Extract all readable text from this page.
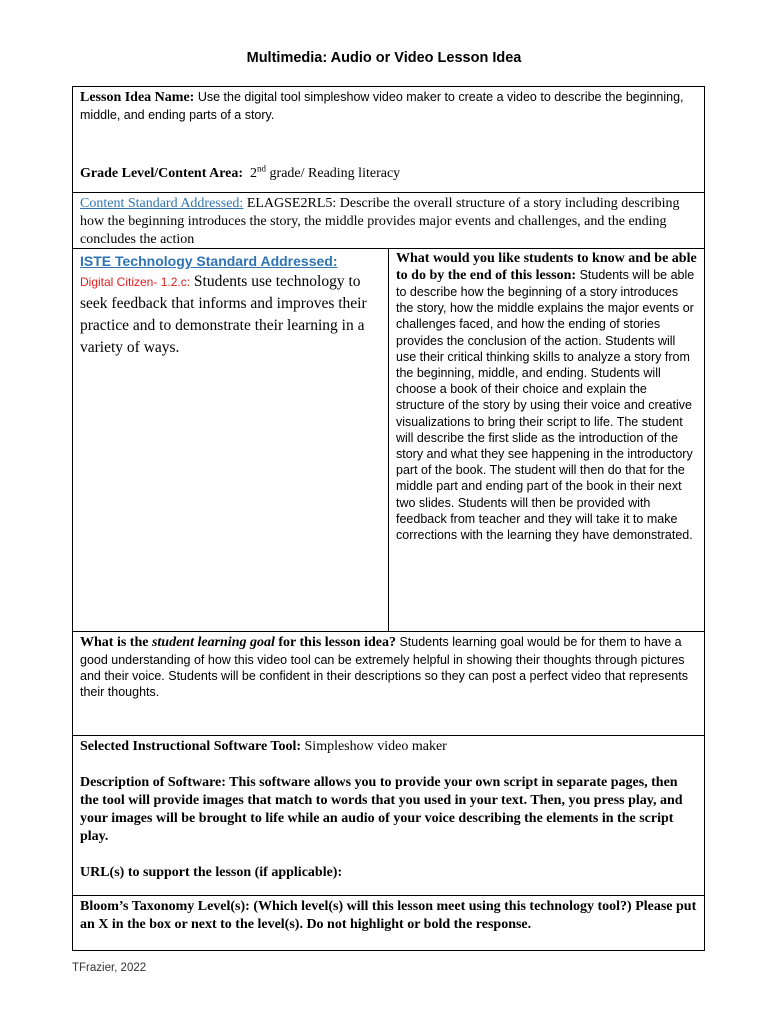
Multimedia: Audio or Video Lesson Idea
Lesson Idea Name: Use the digital tool simpleshow video maker to create a video to describe the beginning, middle, and ending parts of a story.
Grade Level/Content Area: 2nd grade/ Reading literacy
Content Standard Addressed: ELAGSE2RL5: Describe the overall structure of a story including describing how the beginning introduces the story, the middle provides major events and challenges, and the ending concludes the action
ISTE Technology Standard Addressed:
Digital Citizen- 1.2.c: Students use technology to seek feedback that informs and improves their practice and to demonstrate their learning in a variety of ways.
What would you like students to know and be able to do by the end of this lesson: Students will be able to describe how the beginning of a story introduces the story, how the middle explains the major events or challenges faced, and how the ending of stories provides the conclusion of the action. Students will use their critical thinking skills to analyze a story from the beginning, middle, and ending. Students will choose a book of their choice and explain the structure of the story by using their voice and creative visualizations to bring their script to life. The student will describe the first slide as the introduction of the story and what they see happening in the introductory part of the book. The student will then do that for the middle part and ending part of the book in their next two slides. Students will then be provided with feedback from teacher and they will take it to make corrections with the learning they have demonstrated.
What is the student learning goal for this lesson idea? Students learning goal would be for them to have a good understanding of how this video tool can be extremely helpful in showing their thoughts through pictures and their voice. Students will be confident in their descriptions so they can post a perfect video that represents their thoughts.
Selected Instructional Software Tool: Simpleshow video maker
Description of Software: This software allows you to provide your own script in separate pages, then the tool will provide images that match to words that you used in your text. Then, you press play, and your images will be brought to life while an audio of your voice describing the elements in the script play.
URL(s) to support the lesson (if applicable):
Bloom’s Taxonomy Level(s): (Which level(s) will this lesson meet using this technology tool?) Please put an X in the box or next to the level(s). Do not highlight or bold the response.
TFrazier, 2022
